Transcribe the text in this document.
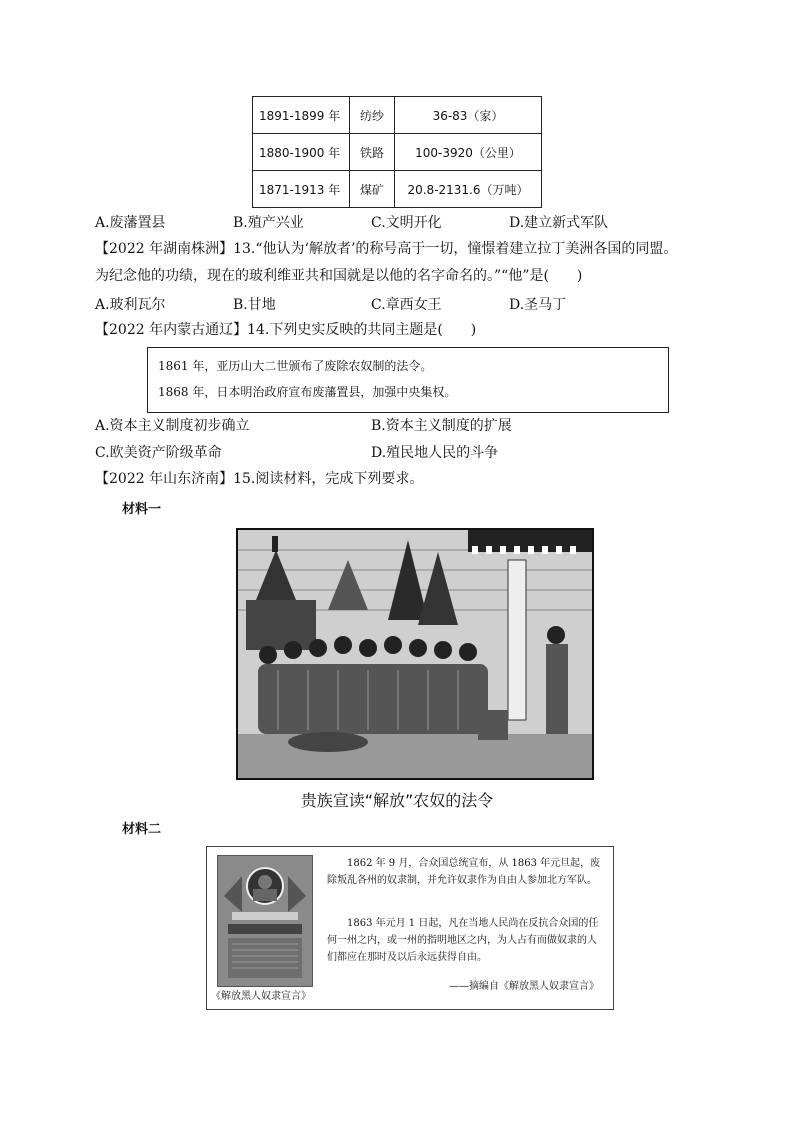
1891-1899 年	纺纱	36-83（家）
1880-1900 年	铁路	100-3920（公里）
1871-1913 年	煤矿	20.8-2131.6（万吨）
A.废藩置县	B.殖产兴业	C.文明开化	D.建立新式军队
【2022 年湖南株洲】13.“他认为‘解放者’的称号高于一切，憧憬着建立拉丁美洲各国的同盟。
为纪念他的功绩，现在的玻利维亚共和国就是以他的名字命名的。”“他”是(　　)
A.玻利瓦尔	B.甘地	C.章西女王	D.圣马丁
【2022 年内蒙古通辽】14.下列史实反映的共同主题是(　　)
1861 年，亚历山大二世颁布了废除农奴制的法令。
1868 年，日本明治政府宣布废藩置县，加强中央集权。
A.资本主义制度初步确立	B.资本主义制度的扩展
C.欧美资产阶级革命	D.殖民地人民的斗争
【2022 年山东济南】15.阅读材料，完成下列要求。
材料一
贵族宣读“解放”农奴的法令
材料二
《解放黑人奴隶宣言》
1862 年 9 月，合众国总统宣布，从 1863 年元旦起，废除叛乱各州的奴隶制，并允许奴隶作为自由人参加北方军队。
1863 年元月 1 日起，凡在当地人民尚在反抗合众国的任何一州之内，或一州的指明地区之内，为人占有而做奴隶的人们都应在那时及以后永远获得自由。
——摘编自《解放黑人奴隶宣言》
